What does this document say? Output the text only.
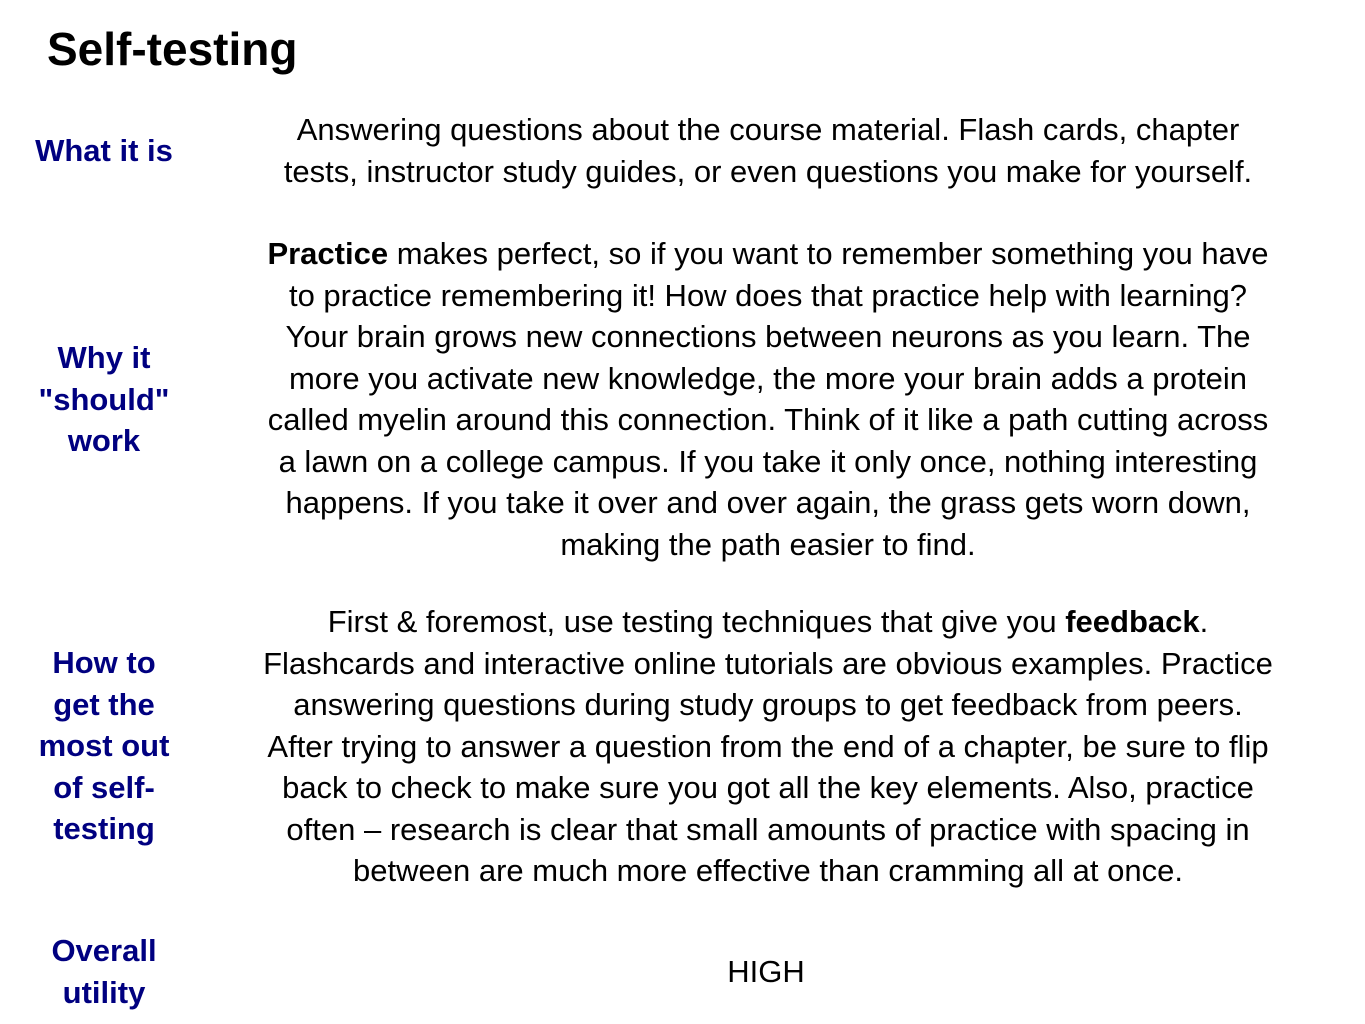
Self-testing
What it is
Answering questions about the course material. Flash cards, chapter
tests, instructor study guides, or even questions you make for yourself.
Why it
"should"
work
Practice makes perfect, so if you want to remember something you have
to practice remembering it! How does that practice help with learning?
Your brain grows new connections between neurons as you learn. The
more you activate new knowledge, the more your brain adds a protein
called myelin around this connection. Think of it like a path cutting across
a lawn on a college campus. If you take it only once, nothing interesting
happens. If you take it over and over again, the grass gets worn down,
making the path easier to find.
How to
get the
most out
of self-
testing
First & foremost, use testing techniques that give you feedback.
Flashcards and interactive online tutorials are obvious examples. Practice
answering questions during study groups to get feedback from peers.
After trying to answer a question from the end of a chapter, be sure to flip
back to check to make sure you got all the key elements. Also, practice
often – research is clear that small amounts of practice with spacing in
between are much more effective than cramming all at once.
Overall
utility
HIGH
